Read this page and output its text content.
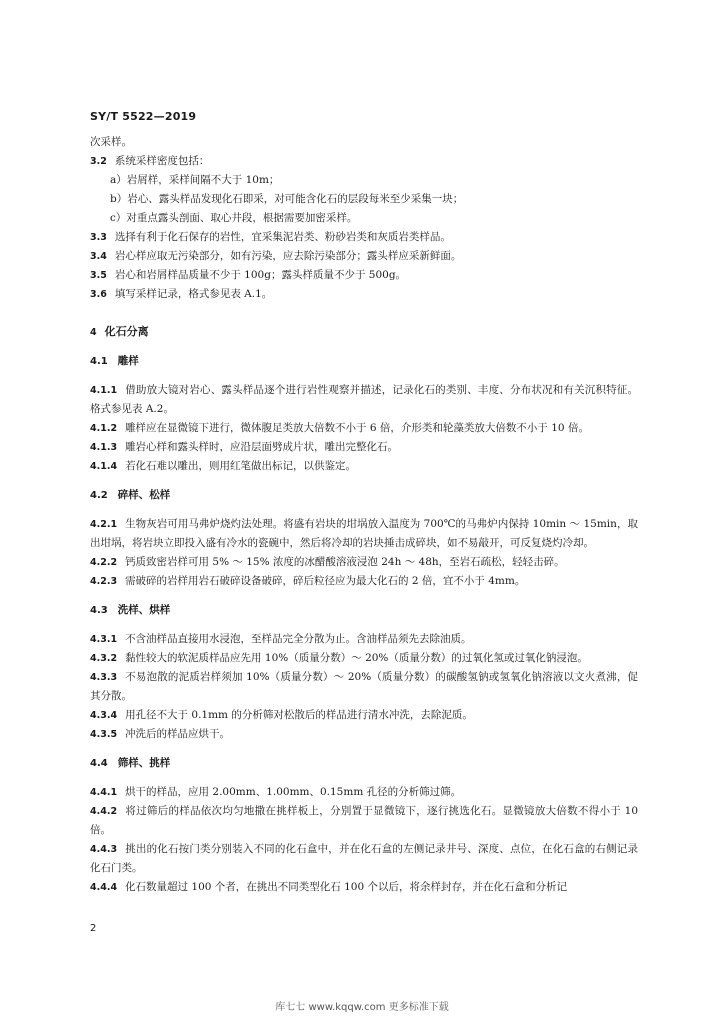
SY/T 5522—2019
次采样。
3.2 系统采样密度包括：
a）岩屑样，采样间隔不大于 10m；
b）岩心、露头样品发现化石即采，对可能含化石的层段每米至少采集一块；
c）对重点露头剖面、取心井段，根据需要加密采样。
3.3 选择有利于化石保存的岩性，宜采集泥岩类、粉砂岩类和灰质岩类样品。
3.4 岩心样应取无污染部分，如有污染，应去除污染部分；露头样应采新鲜面。
3.5 岩心和岩屑样品质量不少于 100g；露头样质量不少于 500g。
3.6 填写采样记录，格式参见表 A.1。
4 化石分离
4.1 雕样
4.1.1 借助放大镜对岩心、露头样品逐个进行岩性观察并描述，记录化石的类别、丰度、分布状况和有关沉积特征。格式参见表 A.2。
4.1.2 雕样应在显微镜下进行，微体腹足类放大倍数不小于 6 倍，介形类和轮藻类放大倍数不小于 10 倍。
4.1.3 雕岩心样和露头样时，应沿层面劈成片状，雕出完整化石。
4.1.4 若化石难以雕出，则用红笔做出标记，以供鉴定。
4.2 碎样、松样
4.2.1 生物灰岩可用马弗炉烧灼法处理。将盛有岩块的坩埚放入温度为 700℃的马弗炉内保持 10min ～ 15min，取出坩埚，将岩块立即投入盛有冷水的瓷碗中，然后将冷却的岩块捶击成碎块，如不易敲开，可反复烧灼冷却。
4.2.2 钙质致密岩样可用 5% ～ 15% 浓度的冰醋酸溶液浸泡 24h ～ 48h，至岩石疏松，轻轻击碎。
4.2.3 需破碎的岩样用岩石破碎设备破碎，碎后粒径应为最大化石的 2 倍，宜不小于 4mm。
4.3 洗样、烘样
4.3.1 不含油样品直接用水浸泡，至样品完全分散为止。含油样品须先去除油质。
4.3.2 黏性较大的软泥质样品应先用 10%（质量分数）～ 20%（质量分数）的过氧化氢或过氧化钠浸泡。
4.3.3 不易泡散的泥质岩样须加 10%（质量分数）～ 20%（质量分数）的碳酸氢钠或氢氧化钠溶液以文火煮沸，促其分散。
4.3.4 用孔径不大于 0.1mm 的分析筛对松散后的样品进行清水冲洗，去除泥质。
4.3.5 冲洗后的样品应烘干。
4.4 筛样、挑样
4.4.1 烘干的样品，应用 2.00mm、1.00mm、0.15mm 孔径的分析筛过筛。
4.4.2 将过筛后的样品依次均匀地撒在挑样板上，分别置于显微镜下，逐行挑选化石。显微镜放大倍数不得小于 10 倍。
4.4.3 挑出的化石按门类分别装入不同的化石盒中，并在化石盒的左侧记录井号、深度、点位，在化石盒的右侧记录化石门类。
4.4.4 化石数量超过 100 个者，在挑出不同类型化石 100 个以后，将余样封存，并在化石盒和分析记
2
库七七 www.kqqw.com 更多标准下载
